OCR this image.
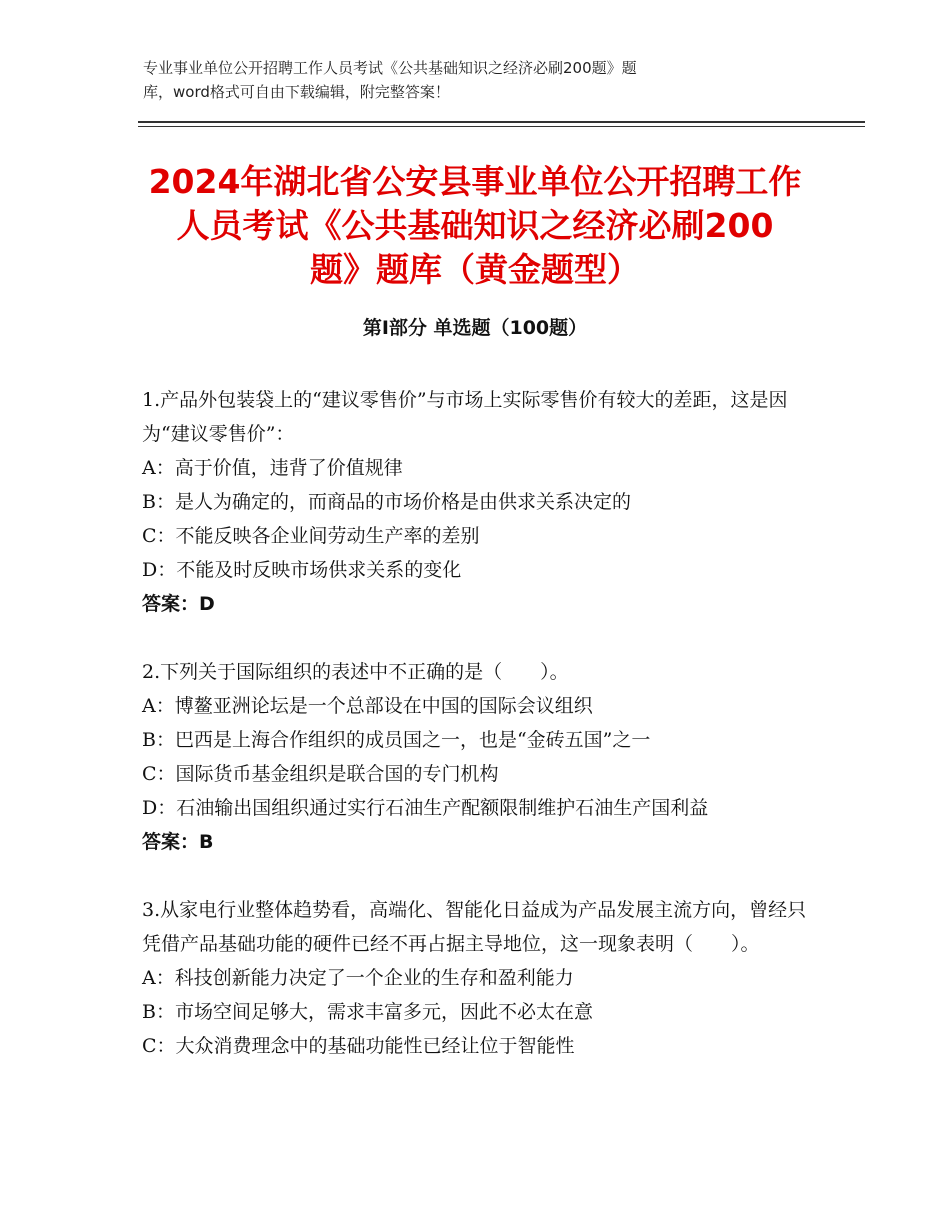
专业事业单位公开招聘工作人员考试《公共基础知识之经济必刷200题》题
库，word格式可自由下载编辑，附完整答案！
2024年湖北省公安县事业单位公开招聘工作
人员考试《公共基础知识之经济必刷200
题》题库（黄金题型）
第Ⅰ部分 单选题（100题）
1.产品外包装袋上的“建议零售价”与市场上实际零售价有较大的差距，这是因为“建议零售价”：
A：高于价值，违背了价值规律
B：是人为确定的，而商品的市场价格是由供求关系决定的
C：不能反映各企业间劳动生产率的差别
D：不能及时反映市场供求关系的变化
答案：D
2.下列关于国际组织的表述中不正确的是（　　）。
A：博鳌亚洲论坛是一个总部设在中国的国际会议组织
B：巴西是上海合作组织的成员国之一，也是“金砖五国”之一
C：国际货币基金组织是联合国的专门机构
D：石油输出国组织通过实行石油生产配额限制维护石油生产国利益
答案：B
3.从家电行业整体趋势看，高端化、智能化日益成为产品发展主流方向，曾经只凭借产品基础功能的硬件已经不再占据主导地位，这一现象表明（　　）。
A：科技创新能力决定了一个企业的生存和盈利能力
B：市场空间足够大，需求丰富多元，因此不必太在意
C：大众消费理念中的基础功能性已经让位于智能性
